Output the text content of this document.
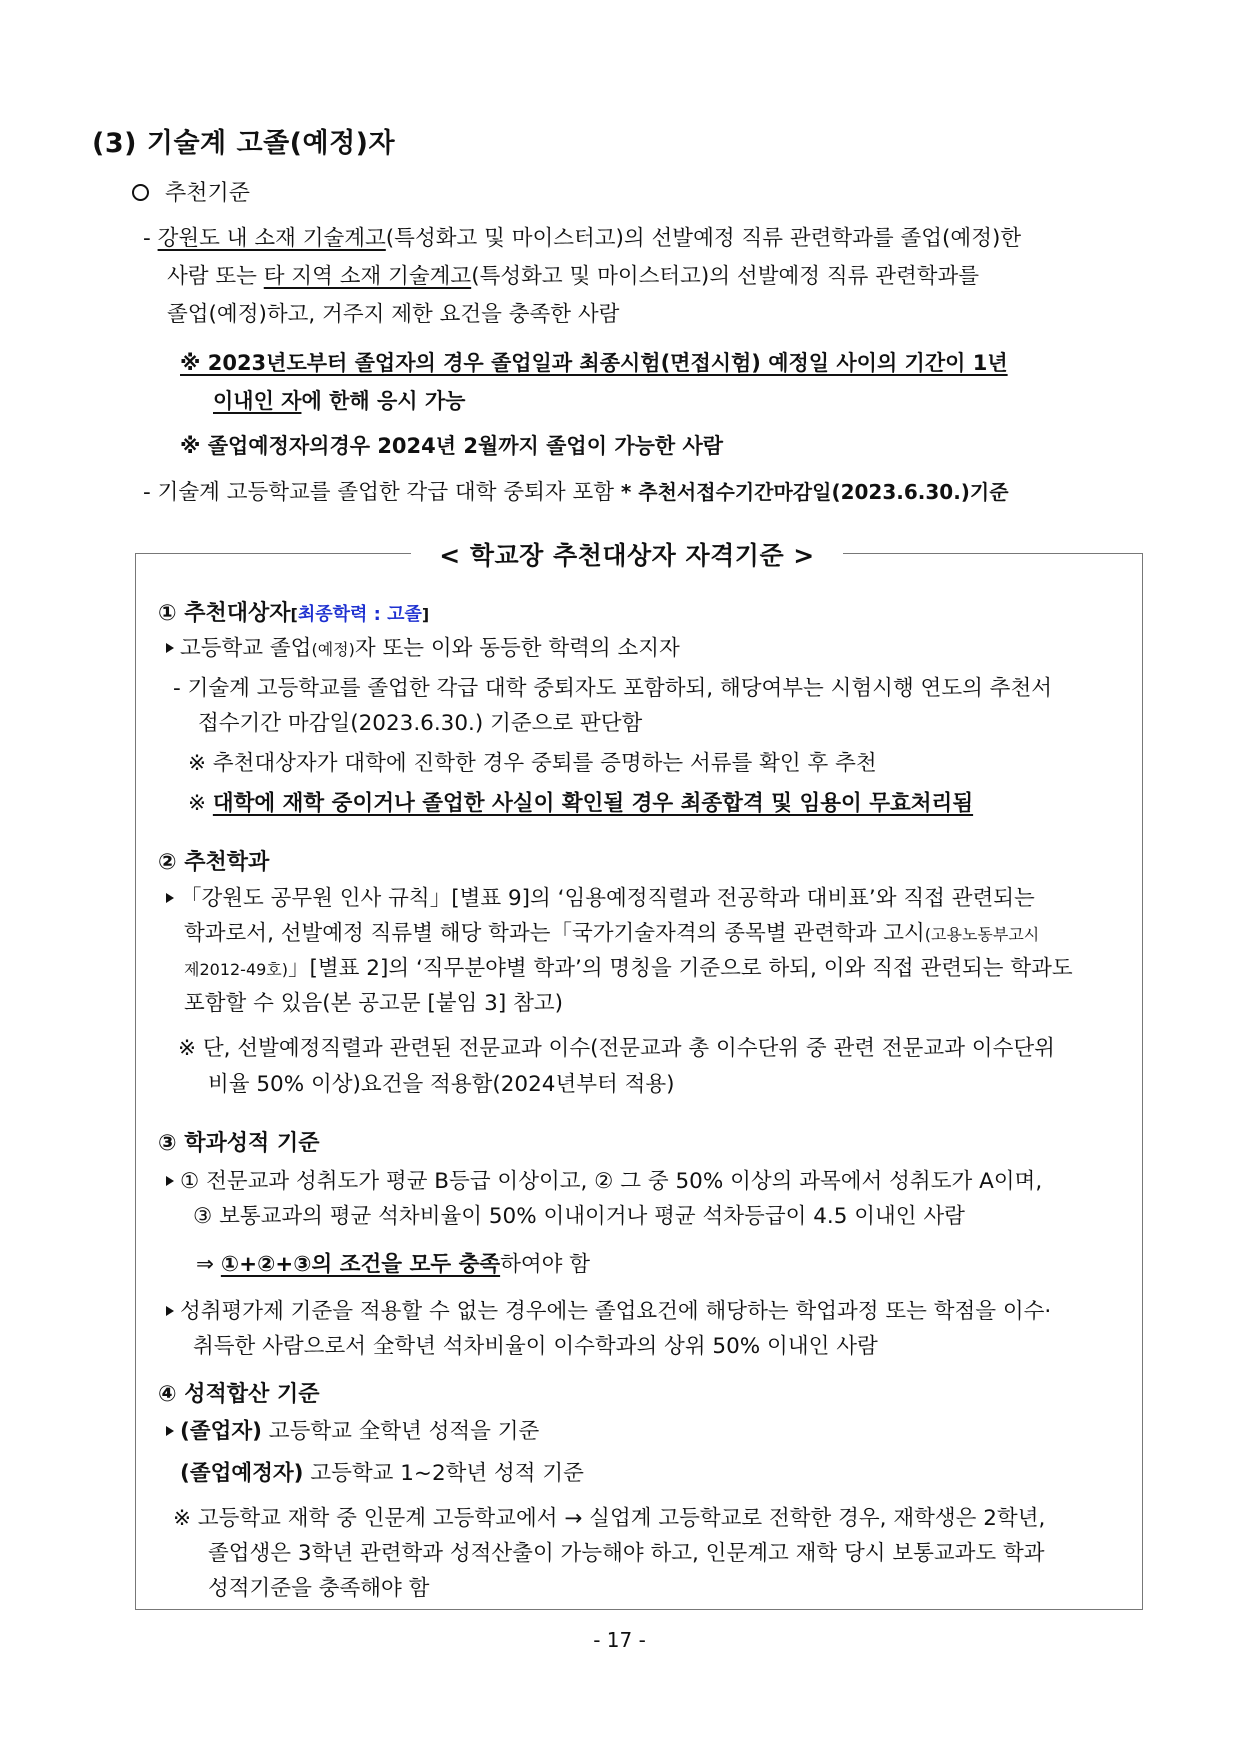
(3) 기술계 고졸(예정)자
추천기준
- 강원도 내 소재 기술계고(특성화고 및 마이스터고)의 선발예정 직류 관련학과를 졸업(예정)한
사람 또는 타 지역 소재 기술계고(특성화고 및 마이스터고)의 선발예정 직류 관련학과를
졸업(예정)하고, 거주지 제한 요건을 충족한 사람
※ 2023년도부터 졸업자의 경우 졸업일과 최종시험(면접시험) 예정일 사이의 기간이 1년
이내인 자에 한해 응시 가능
※ 졸업예정자의경우 2024년 2월까지 졸업이 가능한 사람
- 기술계 고등학교를 졸업한 각급 대학 중퇴자 포함 * 추천서접수기간마감일(2023.6.30.)기준
< 학교장 추천대상자 자격기준 >
① 추천대상자[최종학력 : 고졸]
고등학교 졸업(예정)자 또는 이와 동등한 학력의 소지자
- 기술계 고등학교를 졸업한 각급 대학 중퇴자도 포함하되, 해당여부는 시험시행 연도의 추천서
접수기간 마감일(2023.6.30.) 기준으로 판단함
※ 추천대상자가 대학에 진학한 경우 중퇴를 증명하는 서류를 확인 후 추천
※ 대학에 재학 중이거나 졸업한 사실이 확인될 경우 최종합격 및 임용이 무효처리됨
② 추천학과
「강원도 공무원 인사 규칙」[별표 9]의 ‘임용예정직렬과 전공학과 대비표’와 직접 관련되는
학과로서, 선발예정 직류별 해당 학과는「국가기술자격의 종목별 관련학과 고시(고용노동부고시
제2012-49호)」[별표 2]의 ‘직무분야별 학과’의 명칭을 기준으로 하되, 이와 직접 관련되는 학과도
포함할 수 있음(본 공고문 [붙임 3] 참고)
※ 단, 선발예정직렬과 관련된 전문교과 이수(전문교과 총 이수단위 중 관련 전문교과 이수단위
비율 50% 이상)요건을 적용함(2024년부터 적용)
③ 학과성적 기준
① 전문교과 성취도가 평균 B등급 이상이고, ② 그 중 50% 이상의 과목에서 성취도가 A이며,
③ 보통교과의 평균 석차비율이 50% 이내이거나 평균 석차등급이 4.5 이내인 사람
⇒ ①+②+③의 조건을 모두 충족하여야 함
성취평가제 기준을 적용할 수 없는 경우에는 졸업요건에 해당하는 학업과정 또는 학점을 이수·
취득한 사람으로서 全학년 석차비율이 이수학과의 상위 50% 이내인 사람
④ 성적합산 기준
(졸업자) 고등학교 全학년 성적을 기준
(졸업예정자) 고등학교 1~2학년 성적 기준
※ 고등학교 재학 중 인문계 고등학교에서 → 실업계 고등학교로 전학한 경우, 재학생은 2학년,
졸업생은 3학년 관련학과 성적산출이 가능해야 하고, 인문계고 재학 당시 보통교과도 학과
성적기준을 충족해야 함
- 17 -
